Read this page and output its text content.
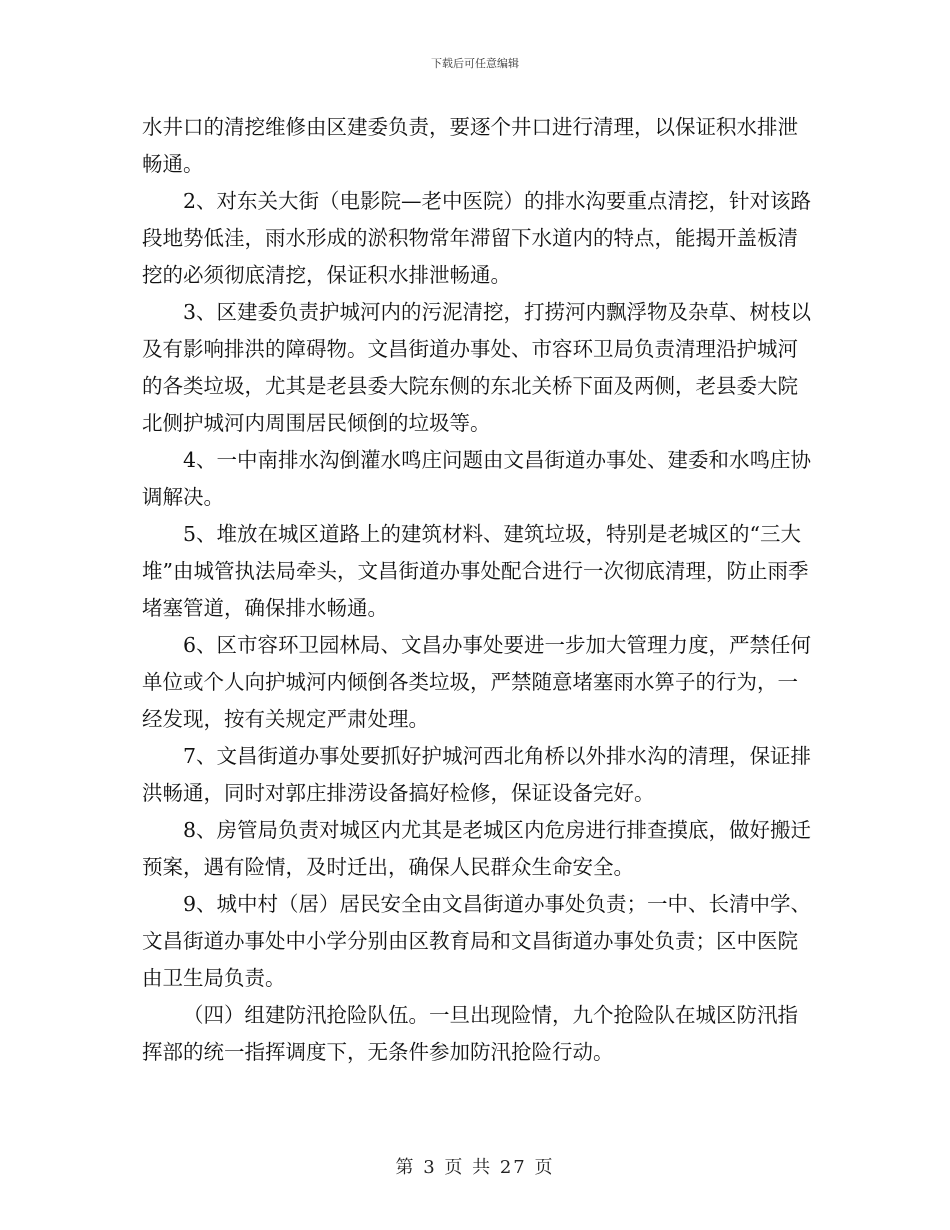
下载后可任意编辑

水井口的清挖维修由区建委负责，要逐个井口进行清理，以保证积水排泄畅通。

2、对东关大街（电影院—老中医院）的排水沟要重点清挖，针对该路段地势低洼，雨水形成的淤积物常年滞留下水道内的特点，能揭开盖板清挖的必须彻底清挖，保证积水排泄畅通。

3、区建委负责护城河内的污泥清挖，打捞河内飘浮物及杂草、树枝以及有影响排洪的障碍物。文昌街道办事处、市容环卫局负责清理沿护城河的各类垃圾，尤其是老县委大院东侧的东北关桥下面及两侧，老县委大院北侧护城河内周围居民倾倒的垃圾等。

4、一中南排水沟倒灌水鸣庄问题由文昌街道办事处、建委和水鸣庄协调解决。

5、堆放在城区道路上的建筑材料、建筑垃圾，特别是老城区的“三大堆”由城管执法局牵头，文昌街道办事处配合进行一次彻底清理，防止雨季堵塞管道，确保排水畅通。

6、区市容环卫园林局、文昌办事处要进一步加大管理力度，严禁任何单位或个人向护城河内倾倒各类垃圾，严禁随意堵塞雨水箅子的行为，一经发现，按有关规定严肃处理。

7、文昌街道办事处要抓好护城河西北角桥以外排水沟的清理，保证排洪畅通，同时对郭庄排涝设备搞好检修，保证设备完好。

8、房管局负责对城区内尤其是老城区内危房进行排查摸底，做好搬迁预案，遇有险情，及时迁出，确保人民群众生命安全。

9、城中村（居）居民安全由文昌街道办事处负责；一中、长清中学、文昌街道办事处中小学分别由区教育局和文昌街道办事处负责；区中医院由卫生局负责。

（四）组建防汛抢险队伍。一旦出现险情，九个抢险队在城区防汛指挥部的统一指挥调度下，无条件参加防汛抢险行动。

第 3 页 共 27 页
